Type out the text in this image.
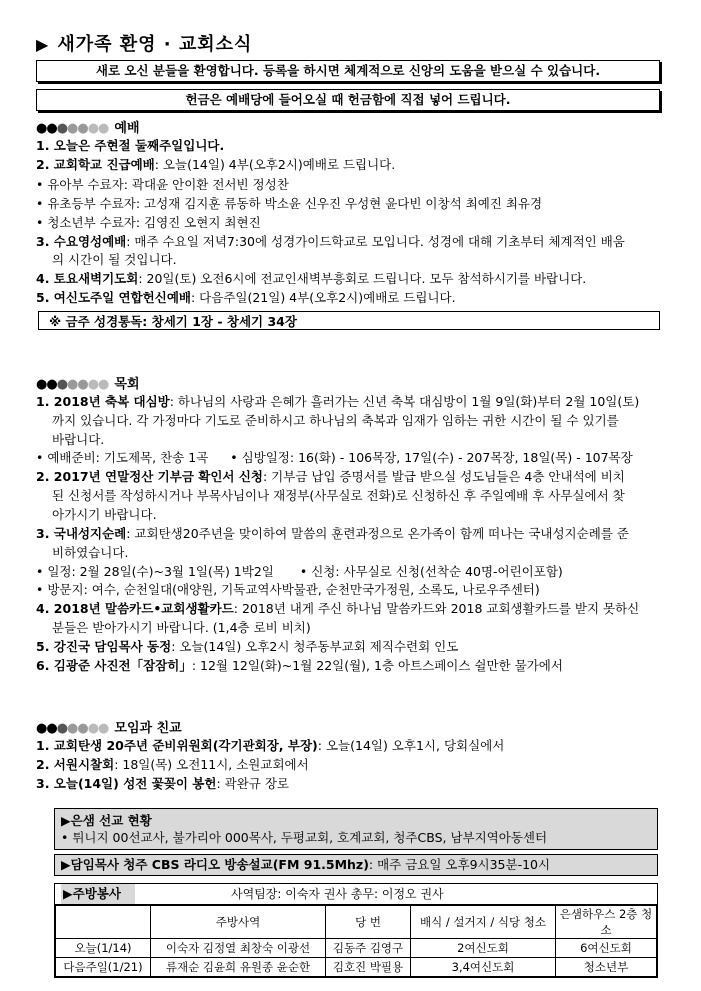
▶ 새가족 환영 · 교회소식
새로 오신 분들을 환영합니다. 등록을 하시면 체계적으로 신앙의 도움을 받으실 수 있습니다.
헌금은 예배당에 들어오실 때 헌금함에 직접 넣어 드립니다.
●●●●●●● 예배
1. 오늘은 주현절 둘째주일입니다.
2. 교회학교 진급예배: 오늘(14일) 4부(오후2시)예배로 드립니다.
• 유아부 수료자: 곽대윤 안이환 전서빈 정성찬
• 유초등부 수료자: 고성재 김지훈 류동하 박소윤 신우진 우성현 윤다빈 이창석 최예진 최유경
• 청소년부 수료자: 김영진 오현지 최현진
3. 수요영성예배: 매주 수요일 저녁7:30에 성경가이드학교로 모입니다. 성경에 대해 기초부터 체계적인 배움
의 시간이 될 것입니다.
4. 토요새벽기도회: 20일(토) 오전6시에 전교인새벽부흥회로 드립니다. 모두 참석하시기를 바랍니다.
5. 여신도주일 연합헌신예배: 다음주일(21일) 4부(오후2시)예배로 드립니다.
※ 금주 성경통독: 창세기 1장 - 창세기 34장
●●●●●●● 목회
1. 2018년 축복 대심방: 하나님의 사랑과 은혜가 흘러가는 신년 축복 대심방이 1월 9일(화)부터 2월 10일(토)
까지 있습니다. 각 가정마다 기도로 준비하시고 하나님의 축복과 임재가 임하는 귀한 시간이 될 수 있기를
바랍니다.
• 예배준비: 기도제목, 찬송 1곡 • 심방일정: 16(화) - 106목장, 17일(수) - 207목장, 18일(목) - 107목장
2. 2017년 연말정산 기부금 확인서 신청: 기부금 납입 증명서를 발급 받으실 성도님들은 4층 안내석에 비치
된 신청서를 작성하시거나 부목사님이나 재정부(사무실로 전화)로 신청하신 후 주일예배 후 사무실에서 찾
아가시기 바랍니다.
3. 국내성지순례: 교회탄생20주년을 맞이하여 말씀의 훈련과정으로 온가족이 함께 떠나는 국내성지순례를 준
비하였습니다.
• 일정: 2월 28일(수)~3월 1일(목) 1박2일 • 신청: 사무실로 신청(선착순 40명-어린이포함)
• 방문지: 여수, 순천일대(애양원, 기독교역사박물관, 순천만국가정원, 소록도, 나로우주센터)
4. 2018년 말씀카드•교회생활카드: 2018년 내게 주신 하나님 말씀카드와 2018 교회생활카드를 받지 못하신
분들은 받아가시기 바랍니다. (1,4층 로비 비치)
5. 강진국 담임목사 동정: 오늘(14일) 오후2시 청주동부교회 제직수련회 인도
6. 김광준 사진전「잠잠히」: 12월 12일(화)~1월 22일(월), 1층 아트스페이스 쉴만한 물가에서
●●●●●●● 모임과 친교
1. 교회탄생 20주년 준비위원회(각기관회장, 부장): 오늘(14일) 오후1시, 당회실에서
2. 서원시찰회: 18일(목) 오전11시, 소원교회에서
3. 오늘(14일) 성전 꽃꽂이 봉헌: 곽완규 장로
▶은샘 선교 현황
• 튀니지 00선교사, 불가리아 000목사, 두평교회, 호계교회, 청주CBS, 남부지역아동센터
▶담임목사 청주 CBS 라디오 방송설교(FM 91.5Mhz): 매주 금요일 오후9시35분-10시
▶주방봉사	사역팀장: 이숙자 권사 총무: 이정오 권사
	주방사역	당 번	배식 / 설거지 / 식당 청소	은샘하우스 2층 청소
오늘(1/14)	이숙자 김정열 최창숙 이광선	김동주 김영구	2여신도회	6여신도회
다음주일(1/21)	류재순 김윤희 유원종 윤순한	김호진 박필용	3,4여신도회	청소년부
